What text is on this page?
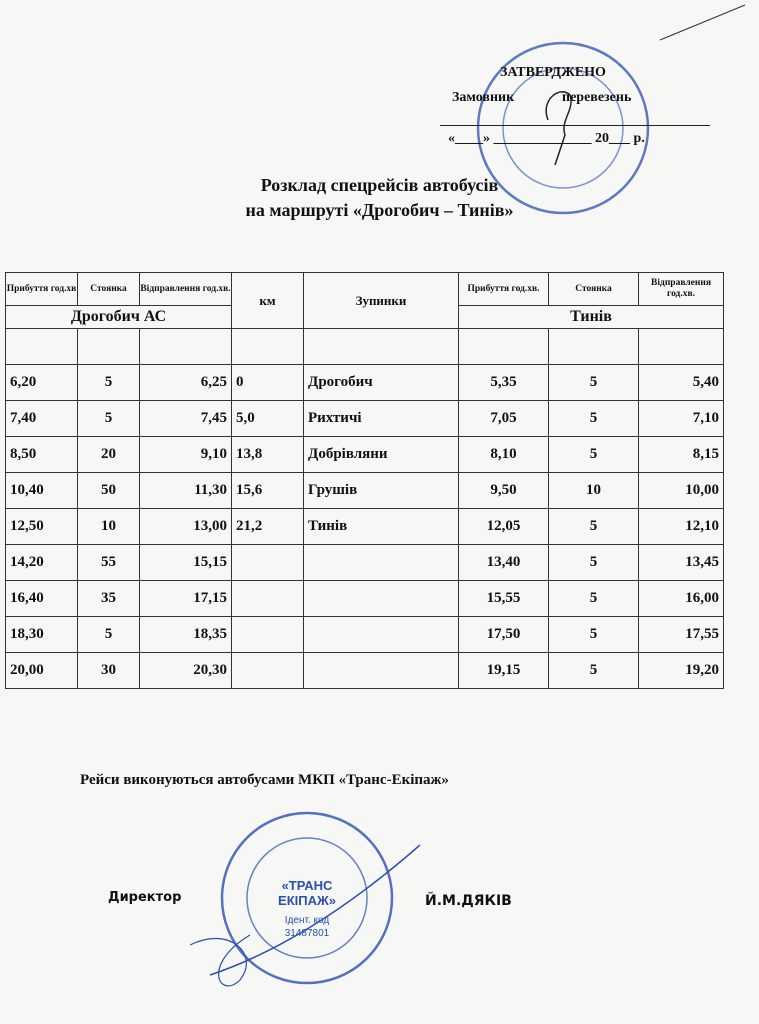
ЗАТВЕРДЖЕНО
Замовник	перевезень
«____» ______________ 20___ р.
Розклад спецрейсів автобусів
на маршруті «Дрогобич – Тинів»
Прибуття год.хв	Стоянка	Відправлення год.хв.	км	Зупинки	Прибуття год.хв.	Стоянка	Відправлення год.хв.
Дрогобич АС					Тинів		

6,20	5	6,25	0	Дрогобич	5,35	5	5,40
7,40	5	7,45	5,0	Рихтичі	7,05	5	7,10
8,50	20	9,10	13,8	Добрівляни	8,10	5	8,15
10,40	50	11,30	15,6	Грушів	9,50	10	10,00
12,50	10	13,00	21,2	Тинів	12,05	5	12,10
14,20	55	15,15			13,40	5	13,45
16,40	35	17,15			15,55	5	16,00
18,30	5	18,35			17,50	5	17,55
20,00	30	20,30			19,15	5	19,20
«ТРАНС
ЕКІПАЖ»
Ідент. код
31487801
Рейси виконуються автобусами МКП «Транс-Екіпаж»
Директор	Й.М.ДЯКІВ
